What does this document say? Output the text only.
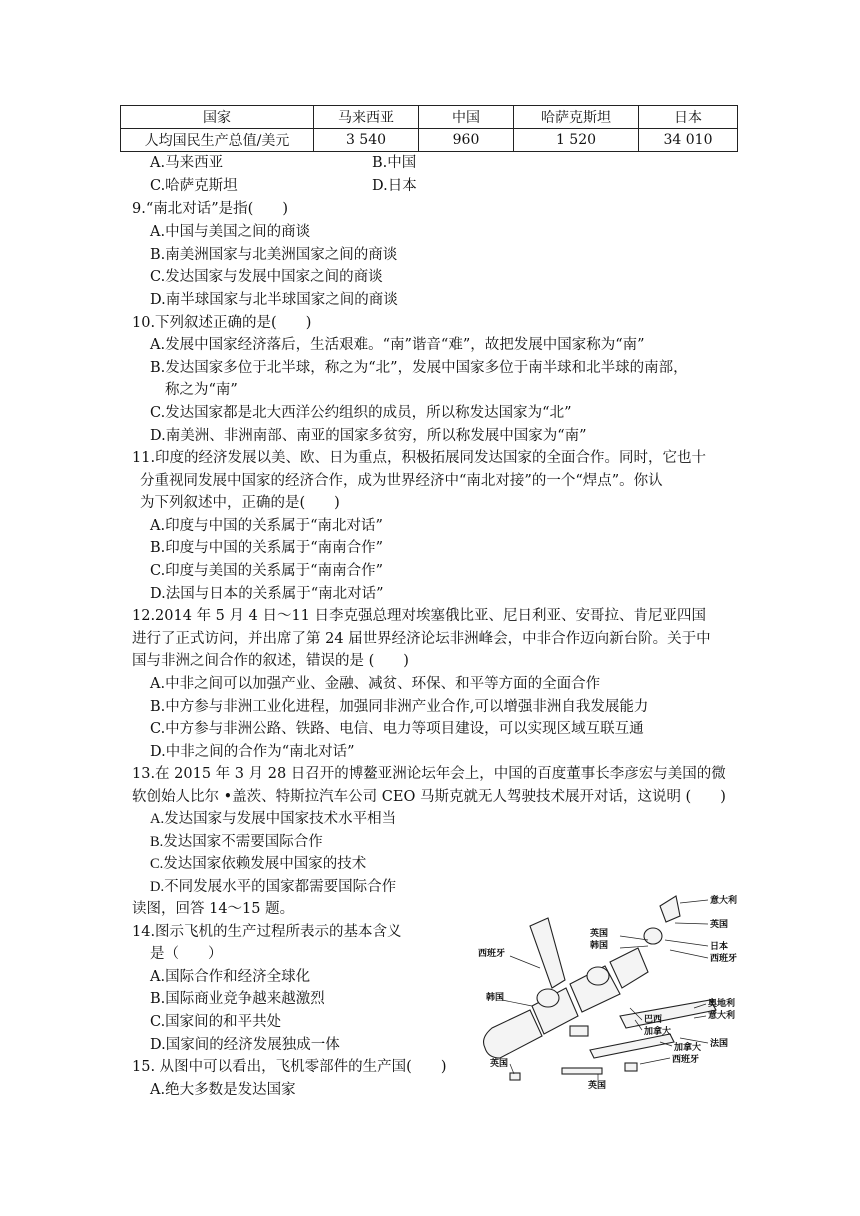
国家	马来西亚	中国	哈萨克斯坦	日本
人均国民生产总值/美元	3 540	960	1 520	34 010
A.马来西亚	B.中国
C.哈萨克斯坦	D.日本
9.“南北对话”是指(　　)
A.中国与美国之间的商谈
B.南美洲国家与北美洲国家之间的商谈
C.发达国家与发展中国家之间的商谈
D.南半球国家与北半球国家之间的商谈
10.下列叙述正确的是(　　)
A.发展中国家经济落后，生活艰难。“南”谐音“难”，故把发展中国家称为“南”
B.发达国家多位于北半球，称之为“北”，发展中国家多位于南半球和北半球的南部，
称之为“南”
C.发达国家都是北大西洋公约组织的成员，所以称发达国家为“北”
D.南美洲、非洲南部、南亚的国家多贫穷，所以称发展中国家为“南”
11.印度的经济发展以美、欧、日为重点，积极拓展同发达国家的全面合作。同时，它也十
分重视同发展中国家的经济合作，成为世界经济中“南北对接”的一个“焊点”。你认
为下列叙述中，正确的是(　　)
A.印度与中国的关系属于“南北对话”
B.印度与中国的关系属于“南南合作”
C.印度与美国的关系属于“南南合作”
D.法国与日本的关系属于“南北对话”
12.2014 年 5 月 4 日～11 日李克强总理对埃塞俄比亚、尼日利亚、安哥拉、肯尼亚四国
进行了正式访问，并出席了第 24 届世界经济论坛非洲峰会，中非合作迈向新台阶。关于中
国与非洲之间合作的叙述，错误的是 (　　)
A.中非之间可以加强产业、金融、减贫、环保、和平等方面的全面合作
B.中方参与非洲工业化进程，加强同非洲产业合作,可以增强非洲自我发展能力
C.中方参与非洲公路、铁路、电信、电力等项目建设，可以实现区域互联互通
D.中非之间的合作为“南北对话”
13.在 2015 年 3 月 28 日召开的博鳌亚洲论坛年会上，中国的百度董事长李彦宏与美国的微
软创始人比尔 •盖茨、特斯拉汽车公司 CEO 马斯克就无人驾驶技术展开对话，这说明 (　　)
A.发达国家与发展中国家技术水平相当
B.发达国家不需要国际合作
C.发达国家依赖发展中国家的技术
D.不同发展水平的国家都需要国际合作
读图，回答 14～15 题。
14.图示飞机的生产过程所表示的基本含义
是（　　）
A.国际合作和经济全球化
B.国际商业竞争越来越激烈
C.国家间的和平共处
D.国家间的经济发展独成一体
15. 从图中可以看出，飞机零部件的生产国(　　)
A.绝大多数是发达国家
意大利
英国
日本
西班牙
英国
韩国
西班牙
韩国
巴西
加拿大
奥地利
意大利
加拿大
西班牙
法国
英国
英国
